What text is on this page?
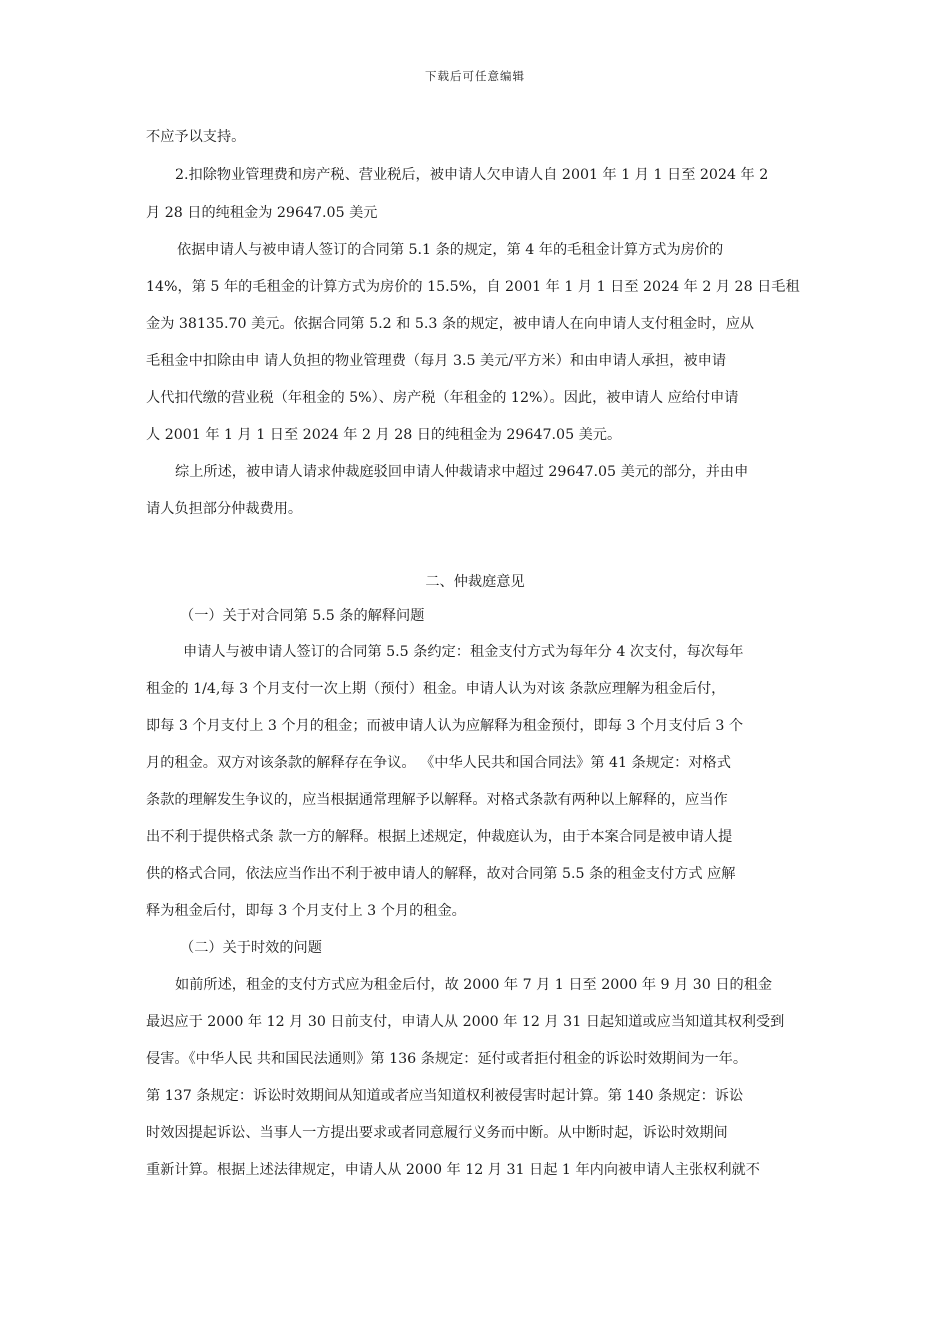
下载后可任意编辑
不应予以支持。
2.扣除物业管理费和房产税、营业税后，被申请人欠申请人自 2001 年 1 月 1 日至 2024 年 2
月 28 日的纯租金为 29647.05 美元
依据申请人与被申请人签订的合同第 5.1 条的规定，第 4 年的毛租金计算方式为房价的
14%，第 5 年的毛租金的计算方式为房价的 15.5%，自 2001 年 1 月 1 日至 2024 年 2 月 28 日毛租
金为 38135.70 美元。依据合同第 5.2 和 5.3 条的规定，被申请人在向申请人支付租金时，应从
毛租金中扣除由申 请人负担的物业管理费（每月 3.5 美元/平方米）和由申请人承担，被申请
人代扣代缴的营业税（年租金的 5%）、房产税（年租金的 12%）。因此，被申请人 应给付申请
人 2001 年 1 月 1 日至 2024 年 2 月 28 日的纯租金为 29647.05 美元。
综上所述，被申请人请求仲裁庭驳回申请人仲裁请求中超过 29647.05 美元的部分，并由申
请人负担部分仲裁费用。
二、仲裁庭意见
（一）关于对合同第 5.5 条的解释问题
申请人与被申请人签订的合同第 5.5 条约定：租金支付方式为每年分 4 次支付，每次每年
租金的 1/4,每 3 个月支付一次上期（预付）租金。申请人认为对该 条款应理解为租金后付，
即每 3 个月支付上 3 个月的租金；而被申请人认为应解释为租金预付，即每 3 个月支付后 3 个
月的租金。双方对该条款的解释存在争议。 《中华人民共和国合同法》第 41 条规定：对格式
条款的理解发生争议的，应当根据通常理解予以解释。对格式条款有两种以上解释的，应当作
出不利于提供格式条 款一方的解释。根据上述规定，仲裁庭认为，由于本案合同是被申请人提
供的格式合同，依法应当作出不利于被申请人的解释，故对合同第 5.5 条的租金支付方式 应解
释为租金后付，即每 3 个月支付上 3 个月的租金。
（二）关于时效的问题
如前所述，租金的支付方式应为租金后付，故 2000 年 7 月 1 日至 2000 年 9 月 30 日的租金
最迟应于 2000 年 12 月 30 日前支付，申请人从 2000 年 12 月 31 日起知道或应当知道其权利受到
侵害。《中华人民 共和国民法通则》第 136 条规定：延付或者拒付租金的诉讼时效期间为一年。
第 137 条规定：诉讼时效期间从知道或者应当知道权利被侵害时起计算。第 140 条规定：诉讼
时效因提起诉讼、当事人一方提出要求或者同意履行义务而中断。从中断时起，诉讼时效期间
重新计算。根据上述法律规定，申请人从 2000 年 12 月 31 日起 1 年内向被申请人主张权利就不
